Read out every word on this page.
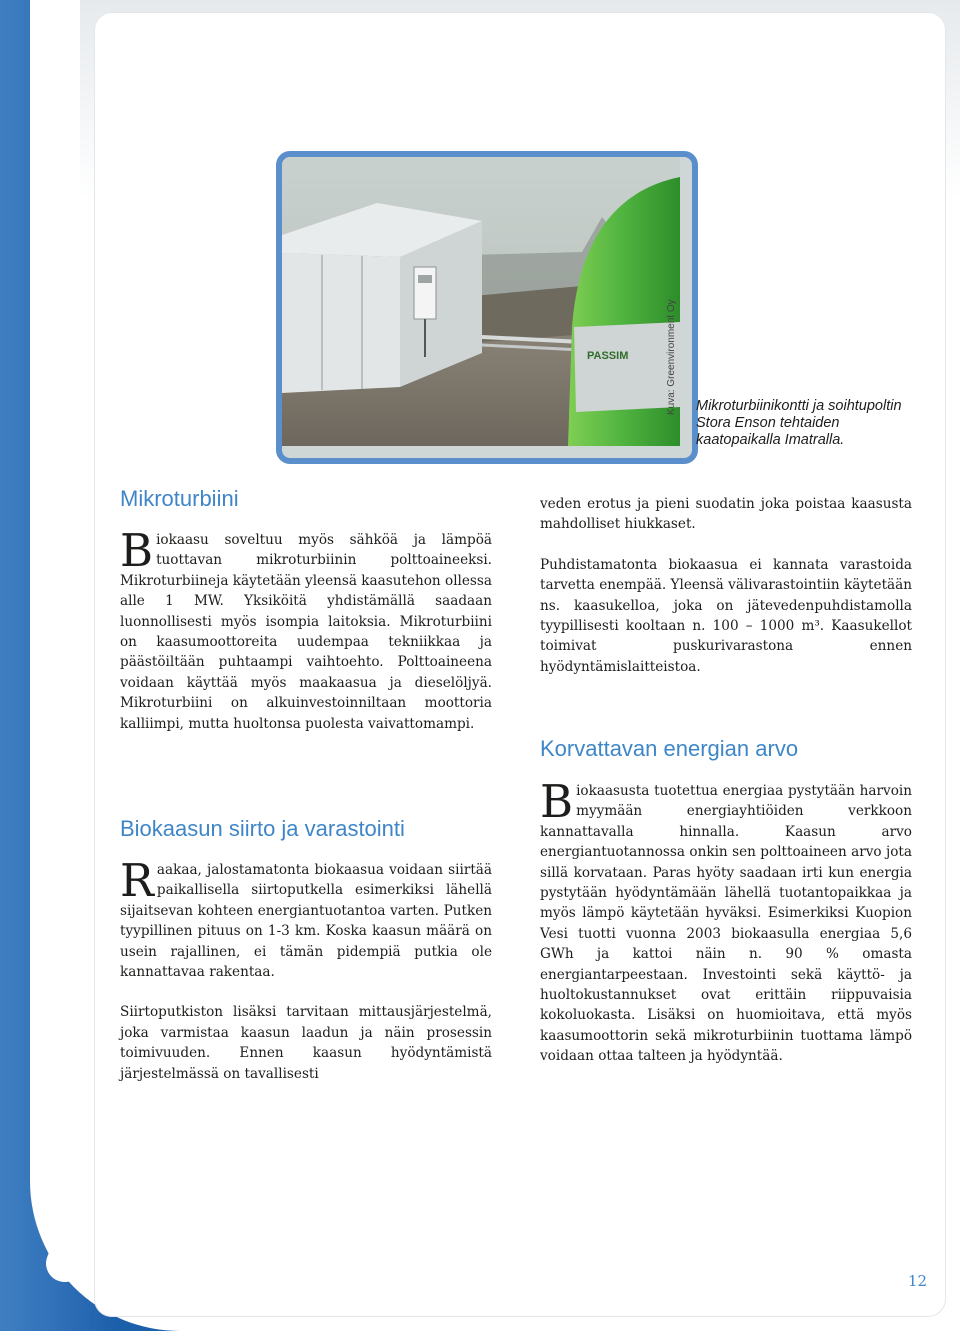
PASSIM	Kuva: Greenvironment Oy Mikroturbiinikontti ja soihtupoltin Stora Enson tehtaiden kaatopaikalla Imatralla.
Mikroturbiini

Biokaasu soveltuu myös sähköä ja lämpöä tuottavan mikroturbiinin polttoaineeksi. Mikroturbiineja käytetään yleensä kaasutehon ollessa alle 1 MW. Yksiköitä yhdistämällä saadaan luonnollisesti myös isompia laitoksia. Mikroturbiini on kaasumoottoreita uudempaa tekniikkaa ja päästöiltään puhtaampi vaihtoehto. Polttoaineena voidaan käyttää myös maakaasua ja dieselöljyä. Mikroturbiini on alkuinvestoinniltaan moottoria kalliimpi, mutta huoltonsa puolesta vaivattomampi.

Biokaasun siirto ja varastointi

Raakaa, jalostamatonta biokaasua voidaan siirtää paikallisella siirtoputkella esimerkiksi lähellä sijaitsevan kohteen energiantuotantoa varten. Putken tyypillinen pituus on 1-3 km. Koska kaasun määrä on usein rajallinen, ei tämän pidempiä putkia ole kannattavaa rakentaa.

Siirtoputkiston lisäksi tarvitaan mittausjärjestelmä, joka varmistaa kaasun laadun ja näin prosessin toimivuuden. Ennen kaasun hyödyntämistä järjestelmässä on tavallisesti

veden erotus ja pieni suodatin joka poistaa kaasusta mahdolliset hiukkaset.

Puhdistamatonta biokaasua ei kannata varastoida tarvetta enempää. Yleensä välivarastointiin käytetään ns. kaasukelloa, joka on jätevedenpuhdistamolla tyypillisesti kooltaan n. 100 – 1000 m³. Kaasukellot toimivat puskurivarastona ennen hyödyntämislaitteistoa.

Korvattavan energian arvo

Biokaasusta tuotettua energiaa pystytään harvoin myymään energiayhtiöiden verkkoon kannattavalla hinnalla. Kaasun arvo energiantuotannossa onkin sen polttoaineen arvo jota sillä korvataan. Paras hyöty saadaan irti kun energia pystytään hyödyntämään lähellä tuotantopaikkaa ja myös lämpö käytetään hyväksi. Esimerkiksi Kuopion Vesi tuotti vuonna 2003 biokaasulla energiaa 5,6 GWh ja kattoi näin n. 90 % omasta energiantarpeestaan. Investointi sekä käyttö- ja huoltokustannukset ovat erittäin riippuvaisia kokoluokasta. Lisäksi on huomioitava, että myös kaasumoottorin sekä mikroturbiinin tuottama lämpö voidaan ottaa talteen ja hyödyntää.

12
